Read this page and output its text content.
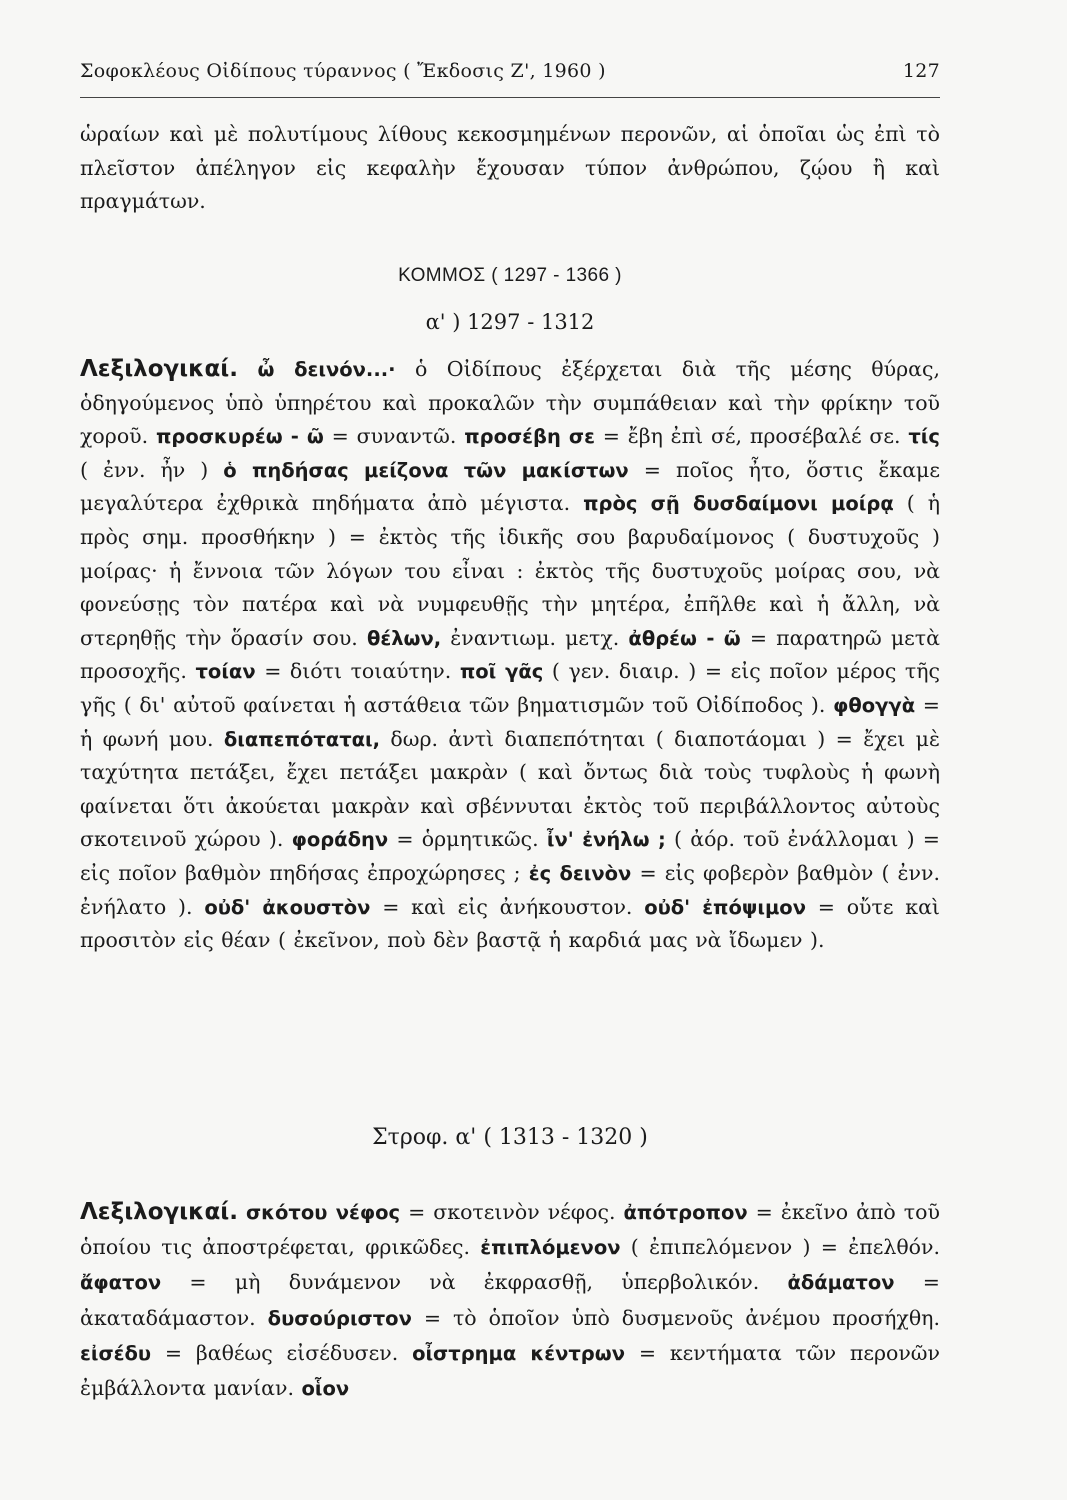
Σοφοκλέους Οἰδίπους τύραννος ( Ἔκδοσις Ζ', 1960 )	127
ὡραίων καὶ μὲ πολυτίμους λίθους κεκοσμημένων περονῶν, αἱ ὁποῖαι ὡς ἐπὶ τὸ πλεῖστον ἀπέληγον εἰς κεφαλὴν ἔχουσαν τύπον ἀνθρώπου, ζῴου ἢ καὶ πραγμάτων.
ΚΟΜΜΟΣ ( 1297 - 1366 )
α' ) 1297 - 1312
Λεξιλογικαί. ὦ δεινόν...· ὁ Οἰδίπους ἐξέρχεται διὰ τῆς μέσης θύρας, ὁδηγούμενος ὑπὸ ὑπηρέτου καὶ προκαλῶν τὴν συμπάθειαν καὶ τὴν φρίκην τοῦ χοροῦ. προσκυρέω - ῶ = συναντῶ. προσέβη σε = ἔβη ἐπὶ σέ, προσέβαλέ σε. τίς ( ἐνν. ἦν ) ὁ πηδήσας μείζονα τῶν μακίστων = ποῖος ἦτο, ὅστις ἔκαμε μεγαλύτερα ἐχθρικὰ πηδήματα ἀπὸ μέγιστα. πρὸς σῇ δυσδαίμονι μοίρᾳ ( ἡ πρὸς σημ. προσθήκην ) = ἐκτὸς τῆς ἰδικῆς σου βαρυδαίμονος ( δυστυχοῦς ) μοίρας· ἡ ἔννοια τῶν λόγων του εἶναι : ἐκτὸς τῆς δυστυχοῦς μοίρας σου, νὰ φονεύσῃς τὸν πατέρα καὶ νὰ νυμφευθῇς τὴν μητέρα, ἐπῆλθε καὶ ἡ ἄλλη, νὰ στερηθῇς τὴν ὅρασίν σου. θέλων, ἐναντιωμ. μετχ. ἀθρέω - ῶ = παρατηρῶ μετὰ προσοχῆς. τοίαν = διότι τοιαύτην. ποῖ γᾶς ( γεν. διαιρ. ) = εἰς ποῖον μέρος τῆς γῆς ( δι' αὐτοῦ φαίνεται ἡ αστάθεια τῶν βηματισμῶν τοῦ Οἰδίποδος ). φθογγὰ = ἡ φωνή μου. διαπεπόταται, δωρ. ἀντὶ διαπεπότηται ( διαποτάομαι ) = ἔχει μὲ ταχύτητα πετάξει, ἔχει πετάξει μακρὰν ( καὶ ὄντως διὰ τοὺς τυφλοὺς ἡ φωνὴ φαίνεται ὅτι ἀκούεται μακρὰν καὶ σβέννυται ἐκτὸς τοῦ περιβάλλοντος αὐτοὺς σκοτεινοῦ χώρου ). φοράδην = ὁρμητικῶς. ἶν' ἐνήλω ; ( ἀόρ. τοῦ ἐνάλλομαι ) = εἰς ποῖον βαθμὸν πηδήσας ἐπροχώρησες ; ἐς δεινὸν = εἰς φοβερὸν βαθμὸν ( ἐνν. ἐνήλατο ). οὐδ' ἀκουστὸν = καὶ εἰς ἀνήκουστον. οὐδ' ἐπόψιμον = οὔτε καὶ προσιτὸν εἰς θέαν ( ἐκεῖνον, ποὺ δὲν βαστᾷ ἡ καρδιά μας νὰ ἴδωμεν ).
Στροφ. α' ( 1313 - 1320 )
Λεξιλογικαί. σκότου νέφος = σκοτεινὸν νέφος. ἀπότροπον = ἐκεῖνο ἀπὸ τοῦ ὁποίου τις ἀποστρέφεται, φρικῶδες. ἐπιπλόμενον ( ἐπιπελόμενον ) = ἐπελθόν. ἄφατον = μὴ δυνάμενον νὰ ἐκφρασθῇ, ὑπερβολικόν. ἀδάματον = ἀκαταδάμαστον. δυσούριστον = τὸ ὁποῖον ὑπὸ δυσμενοῦς ἀνέμου προσήχθη. εἰσέδυ = βαθέως εἰσέδυσεν. οἶστρημα κέντρων = κεντήματα τῶν περονῶν ἐμβάλλοντα μανίαν. οἷον
